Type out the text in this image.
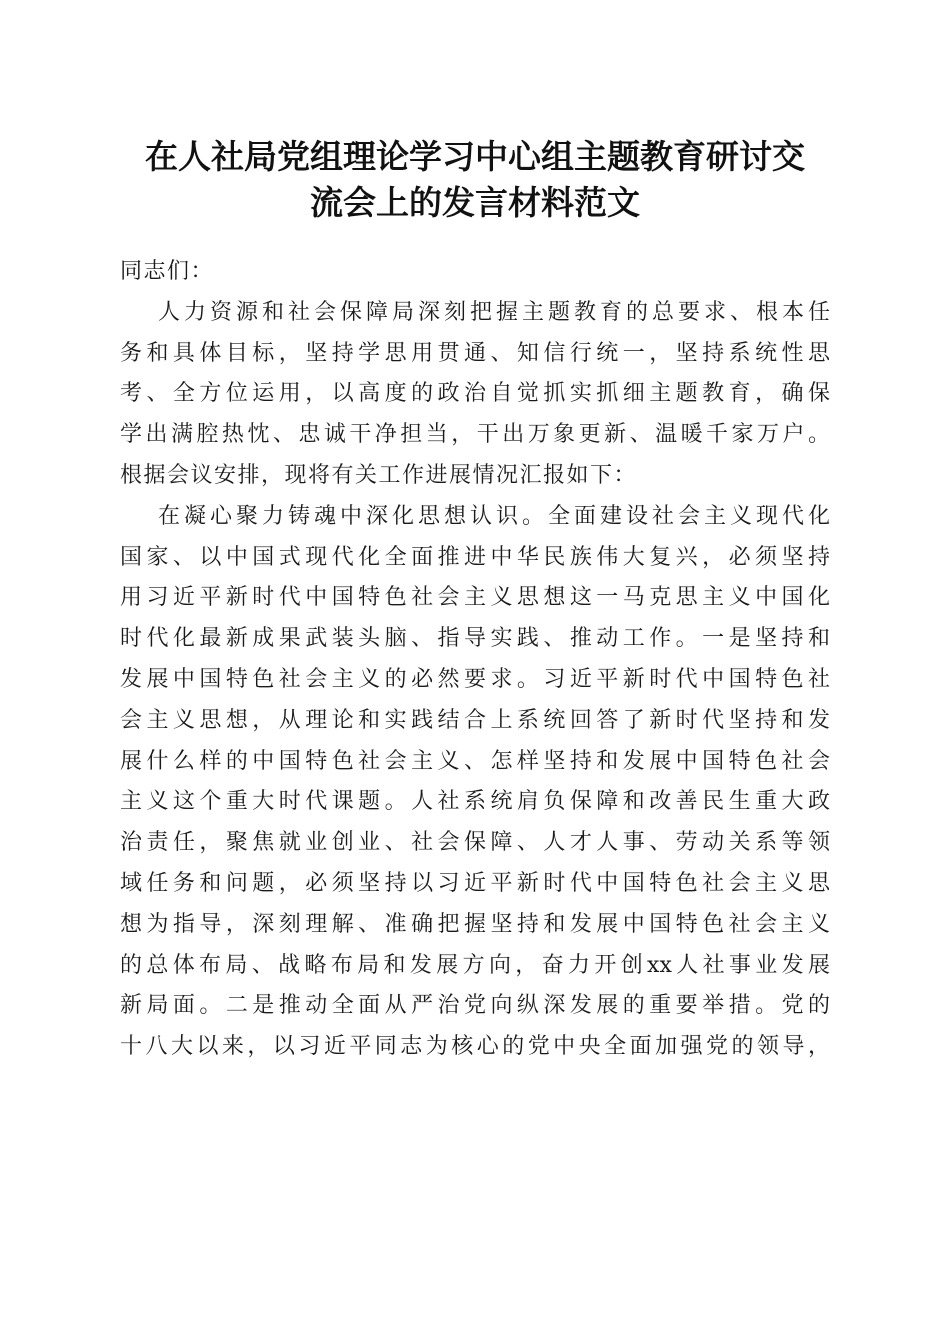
在人社局党组理论学习中心组主题教育研讨交
流会上的发言材料范文
同志们：
人力资源和社会保障局深刻把握主题教育的总要求、根本任
务和具体目标，坚持学思用贯通、知信行统一，坚持系统性思
考、全方位运用，以高度的政治自觉抓实抓细主题教育，确保
学出满腔热忱、忠诚干净担当，干出万象更新、温暖千家万户。
根据会议安排，现将有关工作进展情况汇报如下：
在凝心聚力铸魂中深化思想认识。全面建设社会主义现代化
国家、以中国式现代化全面推进中华民族伟大复兴，必须坚持
用习近平新时代中国特色社会主义思想这一马克思主义中国化
时代化最新成果武装头脑、指导实践、推动工作。一是坚持和
发展中国特色社会主义的必然要求。习近平新时代中国特色社
会主义思想，从理论和实践结合上系统回答了新时代坚持和发
展什么样的中国特色社会主义、怎样坚持和发展中国特色社会
主义这个重大时代课题。人社系统肩负保障和改善民生重大政
治责任，聚焦就业创业、社会保障、人才人事、劳动关系等领
域任务和问题，必须坚持以习近平新时代中国特色社会主义思
想为指导，深刻理解、准确把握坚持和发展中国特色社会主义
的总体布局、战略布局和发展方向，奋力开创xx人社事业发展
新局面。二是推动全面从严治党向纵深发展的重要举措。党的
十八大以来，以习近平同志为核心的党中央全面加强党的领导，
